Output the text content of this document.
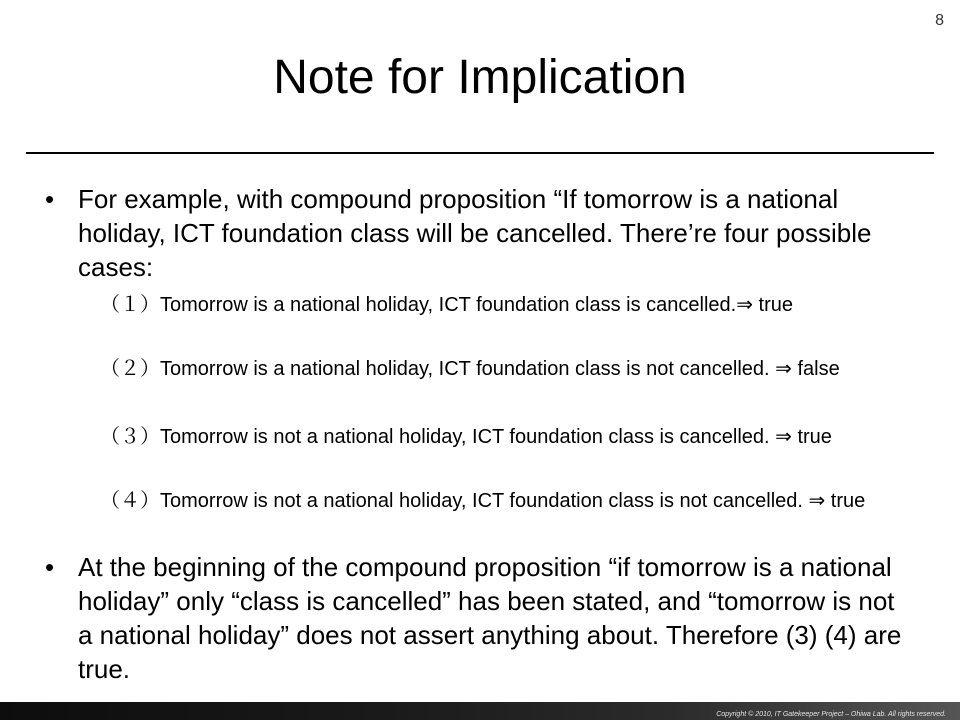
8
Note for Implication
• For example, with compound proposition “If tomorrow is a national holiday, ICT foundation class will be cancelled. There’re four possible cases:
（１）Tomorrow is a national holiday, ICT foundation class is cancelled.⇒ true
（２）Tomorrow is a national holiday, ICT foundation class is not cancelled. ⇒ false
（３）Tomorrow is not a national holiday, ICT foundation class is cancelled. ⇒ true
（４）Tomorrow is not a national holiday, ICT foundation class is not cancelled. ⇒ true
• At the beginning of the compound proposition “if tomorrow is a national holiday” only “class is cancelled” has been stated, and “tomorrow is not a national holiday” does not assert anything about. Therefore (3) (4) are true.
Copyright © 2010, IT Gatekeeper Project – Ohiwa Lab. All rights reserved.
